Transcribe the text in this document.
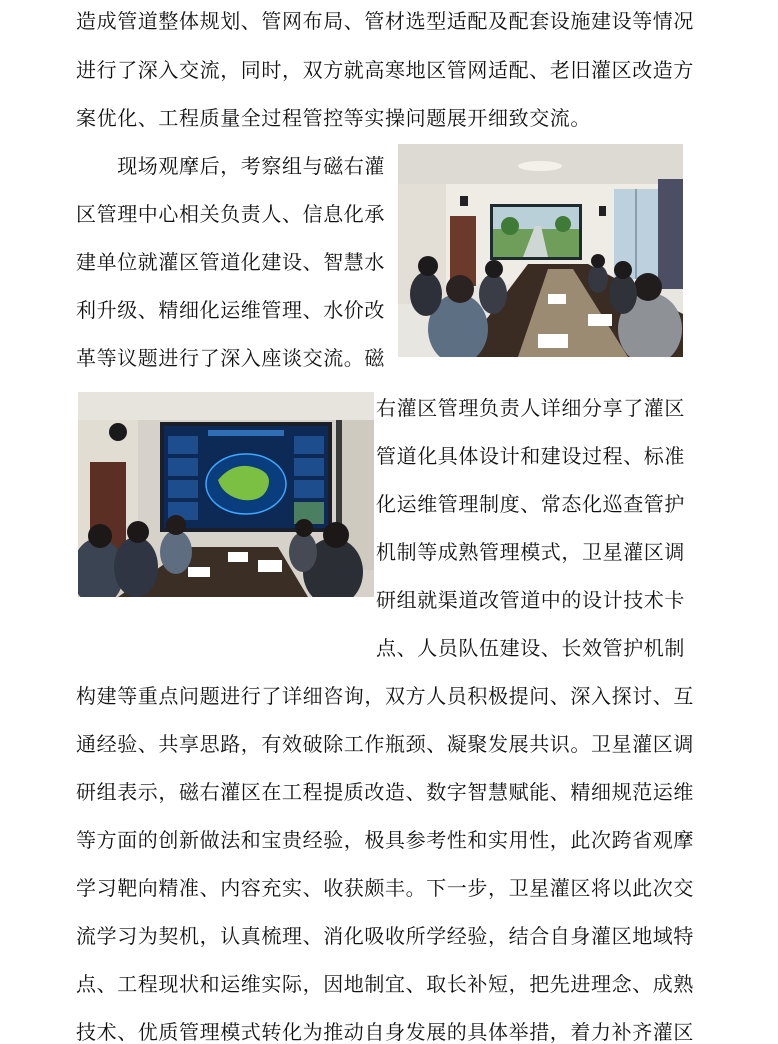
造成管道整体规划、管网布局、管材选型适配及配套设施建设等情况
进行了深入交流，同时，双方就高寒地区管网适配、老旧灌区改造方
案优化、工程质量全过程管控等实操问题展开细致交流。
　　现场观摩后，考察组与磁右灌
区管理中心相关负责人、信息化承
建单位就灌区管道化建设、智慧水
利升级、精细化运维管理、水价改
革等议题进行了深入座谈交流。磁
右灌区管理负责人详细分享了灌区
管道化具体设计和建设过程、标准
化运维管理制度、常态化巡查管护
机制等成熟管理模式，卫星灌区调
研组就渠道改管道中的设计技术卡
点、人员队伍建设、长效管护机制
构建等重点问题进行了详细咨询，双方人员积极提问、深入探讨、互
通经验、共享思路，有效破除工作瓶颈、凝聚发展共识。卫星灌区调
研组表示，磁右灌区在工程提质改造、数字智慧赋能、精细规范运维
等方面的创新做法和宝贵经验，极具参考性和实用性，此次跨省观摩
学习靶向精准、内容充实、收获颇丰。下一步，卫星灌区将以此次交
流学习为契机，认真梳理、消化吸收所学经验，结合自身灌区地域特
点、工程现状和运维实际，因地制宜、取长补短，把先进理念、成熟
技术、优质管理模式转化为推动自身发展的具体举措，着力补齐灌区
